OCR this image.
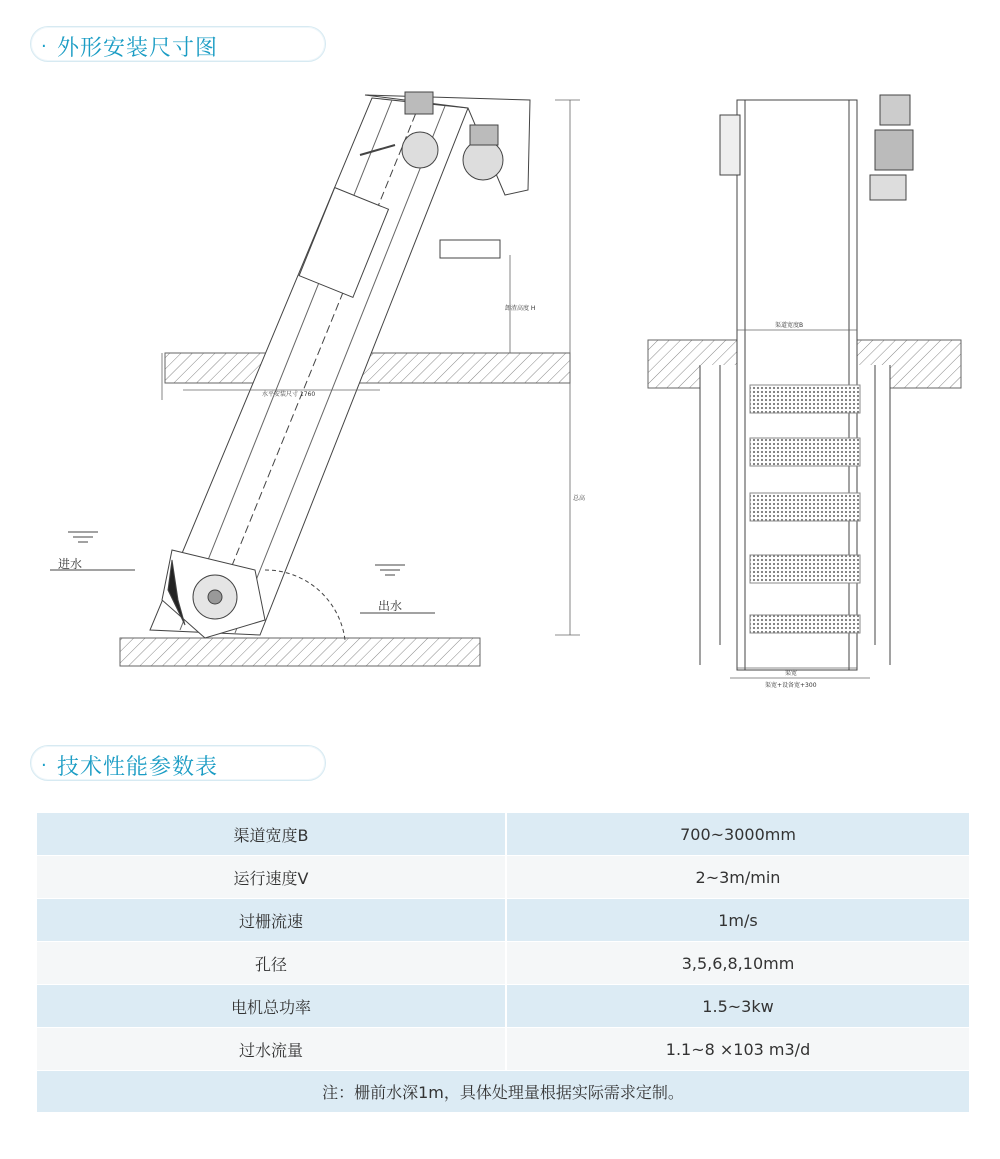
· 外形安装尺寸图
进水
出水
水平安装尺寸 1760
总高
卸渣高度 H
渠道宽度B
渠宽
渠宽+设备宽+300
· 技术性能参数表
渠道宽度B	700~3000mm
运行速度V	2~3m/min
过栅流速	1m/s
孔径	3,5,6,8,10mm
电机总功率	1.5~3kw
过水流量	1.1~8 ×103 m3/d
注：栅前水深1m，具体处理量根据实际需求定制。	
